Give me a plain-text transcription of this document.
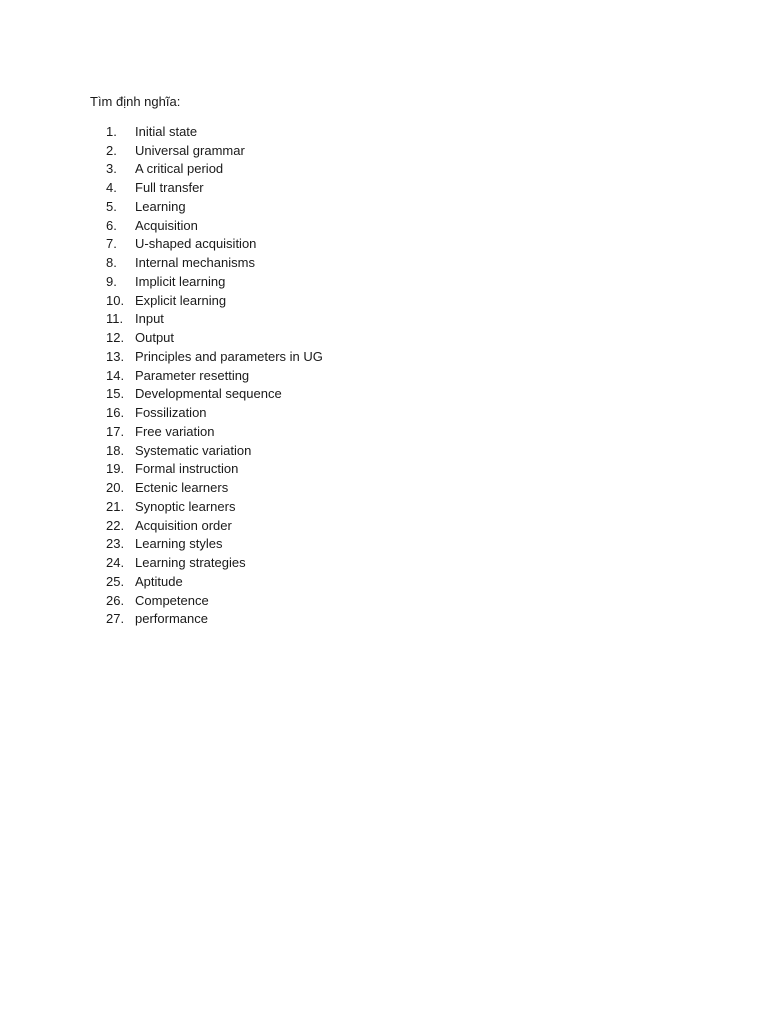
Tìm định nghĩa:
1.	Initial state
2.	Universal grammar
3.	A critical period
4.	Full transfer
5.	Learning
6.	Acquisition
7.	U-shaped acquisition
8.	Internal mechanisms
9.	Implicit learning
10. Explicit learning
11. Input
12. Output
13. Principles and parameters in UG
14. Parameter resetting
15. Developmental sequence
16. Fossilization
17. Free variation
18. Systematic variation
19. Formal instruction
20. Ectenic learners
21. Synoptic learners
22. Acquisition order
23. Learning styles
24. Learning strategies
25. Aptitude
26. Competence
27. performance
